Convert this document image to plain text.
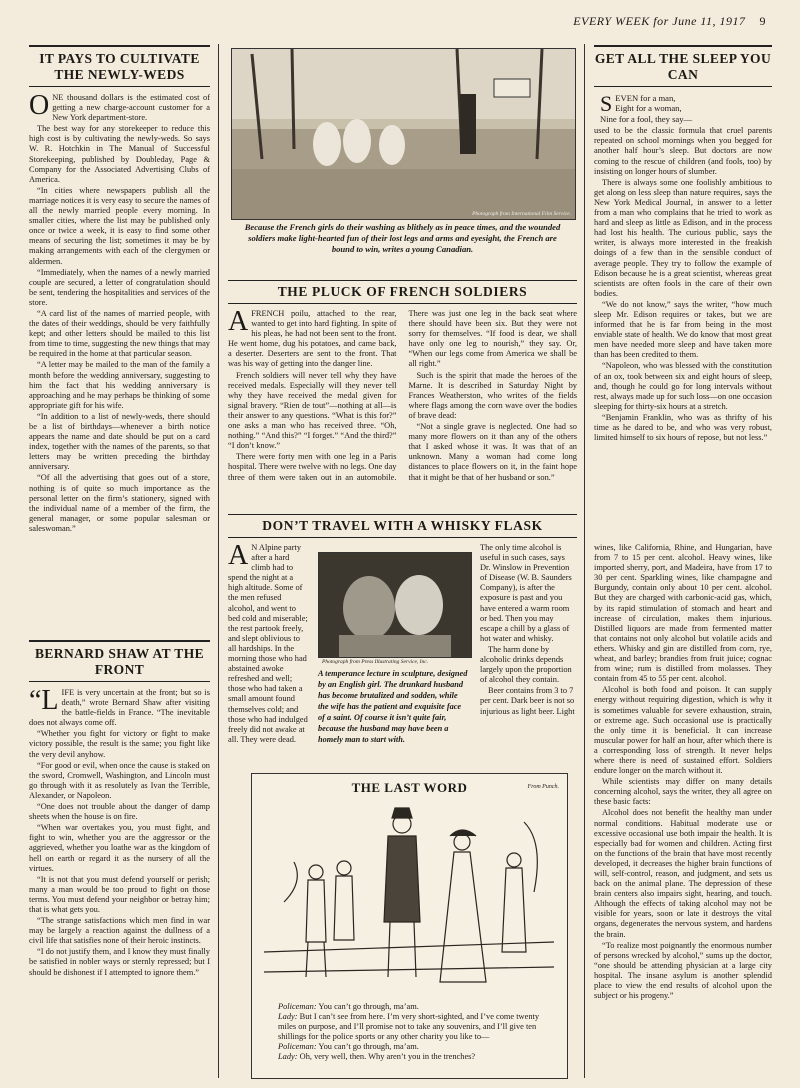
EVERY WEEK for June 11, 1917 9
IT PAYS TO CULTIVATE THE NEWLY-WEDS

ONE thousand dollars is the estimated cost of getting a new charge-account customer for a New York department-store.

The best way for any storekeeper to reduce this high cost is by cultivating the newly-weds. So says W. R. Hotchkin in The Manual of Successful Storekeeping, published by Doubleday, Page & Company for the Associated Advertising Clubs of America.

“In cities where newspapers publish all the marriage notices it is very easy to secure the names of all the newly married people every morning. In smaller cities, where the list may be published only once or twice a week, it is easy to find some other means of securing the list; sometimes it may be by making arrangements with each of the clergymen or aldermen.

“Immediately, when the names of a newly married couple are secured, a letter of congratulation should be sent, tendering the hospitalities and services of the store.

“A card list of the names of married people, with the dates of their weddings, should be very faithfully kept; and other letters should be mailed to this list from time to time, suggesting the new things that may be required in the home at that particular season.

“A letter may be mailed to the man of the family a month before the wedding anniversary, suggesting to him the fact that his wedding anniversary is approaching and he may perhaps be thinking of some appropriate gift for his wife.

“In addition to a list of newly-weds, there should be a list of birthdays—whenever a birth notice appears the name and date should be put on a card index, together with the names of the parents, so that letters may be written preceding the birthday anniversary.

“Of all the advertising that goes out of a store, nothing is of quite so much importance as the personal letter on the firm’s stationery, signed with the individual name of a member of the firm, the general manager, or some popular salesman or saleswoman.”

BERNARD SHAW AT THE FRONT

“LIFE is very uncertain at the front; but so is death,” wrote Bernard Shaw after visiting the battle-fields in France. “The inevitable does not always come off.

“Whether you fight for victory or fight to make victory possible, the result is the same; you fight like the very devil anyhow.

“For good or evil, when once the cause is staked on the sword, Cromwell, Washington, and Lincoln must go through with it as resolutely as Ivan the Terrible, Alexander, or Napoleon.

“One does not trouble about the danger of damp sheets when the house is on fire.

“When war overtakes you, you must fight, and fight to win, whether you are the aggressor or the aggrieved, whether you loathe war as the kingdom of hell on earth or regard it as the nursery of all the virtues.

“It is not that you must defend yourself or perish; many a man would be too proud to fight on those terms. You must defend your neighbor or betray him; that is what gets you.

“The strange satisfactions which men find in war may be largely a reaction against the dullness of a civil life that satisfies none of their heroic instincts.

“I do not justify them, and I know they must finally be satisfied in nobler ways or sternly repressed; but I should be dishonest if I attempted to ignore them.”

Photograph from International Film Service.
Because the French girls do their washing as blithely as in peace times, and the wounded soldiers make light-hearted fun of their lost legs and arms and eyesight, the French are bound to win, writes a young Canadian.
THE PLUCK OF FRENCH SOLDIERS

AFRENCH poilu, attached to the rear, wanted to get into hard fighting. In spite of his pleas, he had not been sent to the front. He went home, dug his potatoes, and came back, a deserter. Deserters are sent to the front. That was his way of getting into the danger line.

French soldiers will never tell why they have received medals. Especially will they never tell why they have received the medal given for signal bravery. “Rien de tout”—nothing at all—is their answer to any questions. “What is this for?” one asks a man who has received three. “Oh, nothing.” “And this?” “I forget.” “And the third?” “I don’t know.”

There were forty men with one leg in a Paris hospital. There were twelve with no legs. One day three of them were taken out in an automobile. There was just one leg in the back seat where there should have been six. But they were not sorry for themselves. “If food is dear, we shall have only one leg to nourish,” they say. Or, “When our legs come from America we shall be all right.”

Such is the spirit that made the heroes of the Marne. It is described in Saturday Night by Frances Weatherston, who writes of the fields where flags among the corn wave over the bodies of brave dead:

“Not a single grave is neglected. One had so many more flowers on it than any of the others that I asked whose it was. It was that of an unknown. Many a woman had come long distances to place flowers on it, in the faint hope that it might be that of her husband or son.”

DON’T TRAVEL WITH A WHISKY FLASK

A N Alpine party after a hard climb had to spend the night at a high altitude. Some of the men refused alcohol, and went to bed cold and miserable; the rest partook freely, and slept oblivious to all hardships. In the morning those who had abstained awoke refreshed and well; those who had taken a small amount found themselves cold; and those who had indulged freely did not awake at all. They were dead.

Photograph from Press Illustrating Service, Inc.
A temperance lecture in sculpture, designed by an English girl. The drunkard husband has become brutalized and sodden, while the wife has the patient and exquisite face of a saint. Of course it isn’t quite fair, because the husband may have been a homely man to start with.

The only time alcohol is useful in such cases, says Dr. Winslow in Prevention of Disease (W. B. Saunders Company), is after the exposure is past and you have entered a warm room or bed. Then you may escape a chill by a glass of hot water and whisky.

The harm done by alcoholic drinks depends largely upon the proportion of alcohol they contain.

Beer contains from 3 to 7 per cent. Dark beer is not so injurious as light beer. Light

THE LAST WORD	From Punch.
Policeman: You can’t go through, ma’am.
Lady: But I can’t see from here. I’m very short-sighted, and I’ve come twenty miles on purpose, and I’ll promise not to take any souvenirs, and I’ll give ten shillings for the police sports or any other charity you like to—
Policeman: You can’t go through, ma’am.
Lady: Oh, very well, then. Why aren’t you in the trenches?
GET ALL THE SLEEP YOU CAN
SEVEN for a man,
Eight for a woman,
Nine for a fool, they say—

used to be the classic formula that cruel parents repeated on school mornings when you begged for another half hour’s sleep. But doctors are now coming to the rescue of children (and fools, too) by insisting on longer hours of slumber.

There is always some one foolishly ambitious to get along on less sleep than nature requires, says the New York Medical Journal, in answer to a letter from a man who complains that he tried to work as hard and sleep as little as Edison, and in the process had lost his health. The curious public, says the writer, is always more interested in the freakish doings of a few than in the sensible conduct of average people. They try to follow the example of Edison because he is a great scientist, whereas great scientists are often fools in the care of their own bodies.

“We do not know,” says the writer, “how much sleep Mr. Edison requires or takes, but we are informed that he is far from being in the most enviable state of health. We do know that most great men have needed more sleep and have taken more than has been credited to them.

“Napoleon, who was blessed with the constitution of an ox, took between six and eight hours of sleep, and, though he could go for long intervals without rest, always made up for such loss—on one occasion sleeping for thirty-six hours at a stretch.

“Benjamin Franklin, who was as thrifty of his time as he dared to be, and who was very robust, limited himself to six hours of repose, but not less.”

wines, like California, Rhine, and Hungarian, have from 7 to 15 per cent. alcohol. Heavy wines, like imported sherry, port, and Madeira, have from 17 to 30 per cent. Sparkling wines, like champagne and Burgundy, contain only about 10 per cent. alcohol. But they are charged with carbonic-acid gas, which, by its rapid stimulation of stomach and heart and increase of circulation, makes them injurious. Distilled liquors are made from fermented matter that contains not only alcohol but volatile acids and ethers. Whisky and gin are distilled from corn, rye, wheat, and barley; brandies from fruit juice; cognac from wine; rum is distilled from molasses. They contain from 45 to 55 per cent. alcohol.

Alcohol is both food and poison. It can supply energy without requiring digestion, which is why it is sometimes valuable for severe exhaustion, strain, or extreme age. Such occasional use is practically the only time it is beneficial. It can increase muscular power for half an hour, after which there is a corresponding loss of strength. It never helps where there is need of sustained effort. Soldiers endure longer on the march without it.

While scientists may differ on many details concerning alcohol, says the writer, they all agree on these basic facts:

Alcohol does not benefit the healthy man under normal conditions. Habitual moderate use or excessive occasional use both impair the health. It is especially bad for women and children. Acting first on the functions of the brain that have most recently developed, it decreases the higher brain functions of will, self-control, reason, and judgment, and sets us back on the animal plane. The depression of these brain centers also impairs sight, hearing, and touch. Although the effects of taking alcohol may not be visible for years, soon or late it destroys the vital organs, degenerates the nervous system, and hardens the brain.

“To realize most poignantly the enormous number of persons wrecked by alcohol,” sums up the doctor, “one should be attending physician at a large city hospital. The insane asylum is another splendid place to view the end results of alcohol upon the subject or his progeny.”
